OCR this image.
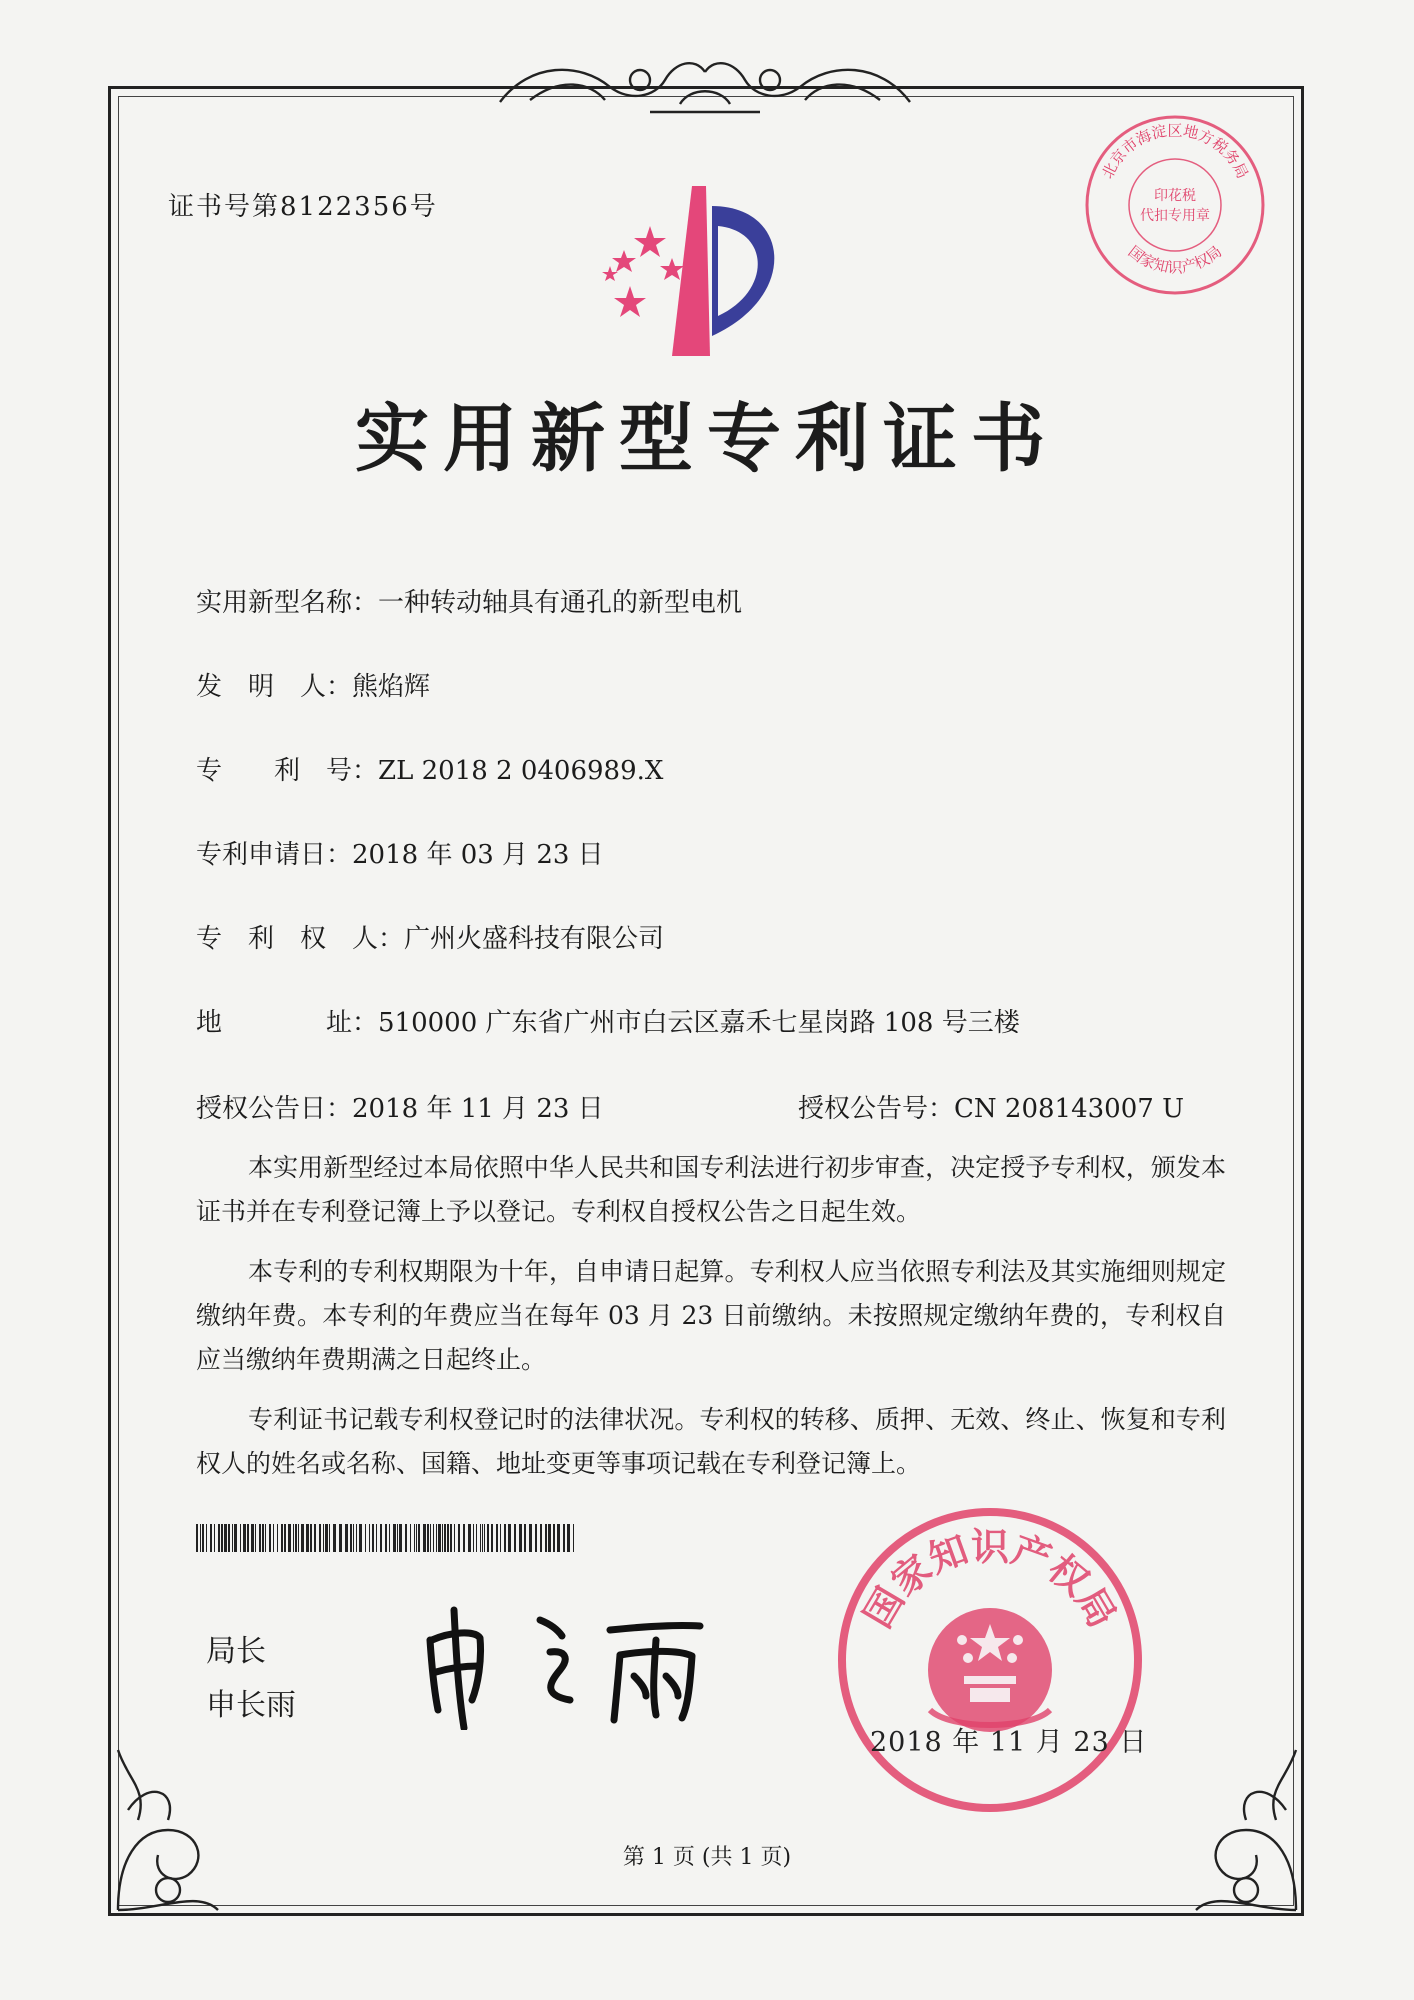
证书号第8122356号
实用新型专利证书
实用新型名称：一种转动轴具有通孔的新型电机
发　明　人：熊焰辉
专　　利　号：ZL 2018 2 0406989.X
专利申请日：2018 年 03 月 23 日
专　利　权　人：广州火盛科技有限公司
地　　　　址：510000 广东省广州市白云区嘉禾七星岗路 108 号三楼
授权公告日：2018 年 11 月 23 日	授权公告号：CN 208143007 U

本实用新型经过本局依照中华人民共和国专利法进行初步审查，决定授予专利权，颁发本证书并在专利登记簿上予以登记。专利权自授权公告之日起生效。

本专利的专利权期限为十年，自申请日起算。专利权人应当依照专利法及其实施细则规定缴纳年费。本专利的年费应当在每年 03 月 23 日前缴纳。未按照规定缴纳年费的，专利权自应当缴纳年费期满之日起终止。

专利证书记载专利权登记时的法律状况。专利权的转移、质押、无效、终止、恢复和专利权人的姓名或名称、国籍、地址变更等事项记载在专利登记簿上。

局长
申长雨
国家知识产权局
2018 年 11 月 23 日
北京市海淀区地方税务局
国家知识产权局
印花税
代扣专用章
第 1 页 (共 1 页)
